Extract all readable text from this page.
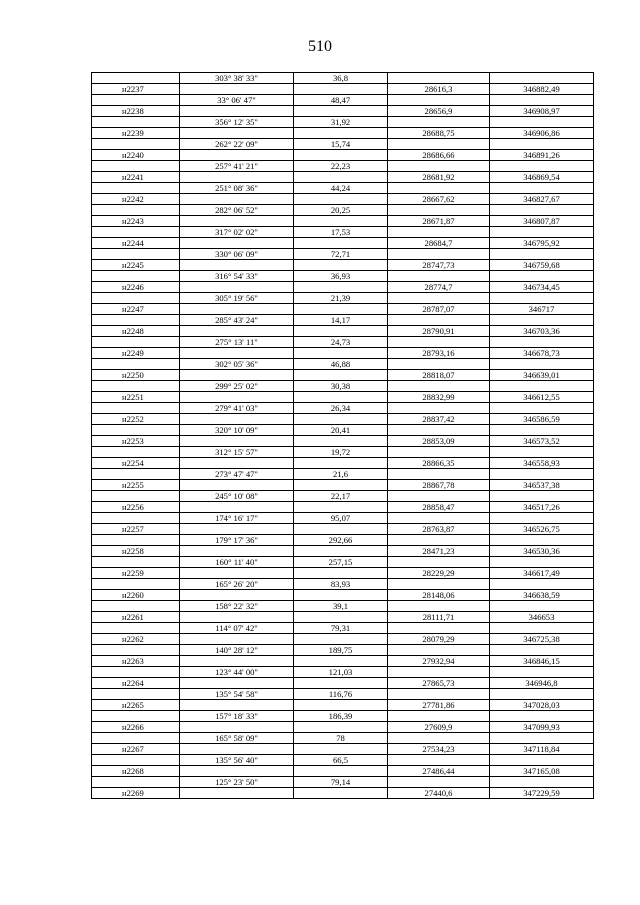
510
	303° 38' 33"	36,8		
н2237			28616,3	346882,49
	33° 06' 47"	48,47		
н2238			28656,9	346908,97
	356° 12' 35"	31,92		
н2239			28688,75	346906,86
	262° 22' 09"	15,74		
н2240			28686,66	346891,26
	257° 41' 21"	22,23		
н2241			28681,92	346869,54
	251° 08' 36"	44,24		
н2242			28667,62	346827,67
	282° 06' 52"	20,25		
н2243			28671,87	346807,87
	317° 02' 02"	17,53		
н2244			28684,7	346795,92
	330° 06' 09"	72,71		
н2245			28747,73	346759,68
	316° 54' 33"	36,93		
н2246			28774,7	346734,45
	305° 19' 56"	21,39		
н2247			28787,07	346717
	285° 43' 24"	14,17		
н2248			28790,91	346703,36
	275° 13' 11"	24,73		
н2249			28793,16	346678,73
	302° 05' 36"	46,88		
н2250			28818,07	346639,01
	299° 25' 02"	30,38		
н2251			28832,99	346612,55
	279° 41' 03"	26,34		
н2252			28837,42	346586,59
	320° 10' 09"	20,41		
н2253			28853,09	346573,52
	312° 15' 57"	19,72		
н2254			28866,35	346558,93
	273° 47' 47"	21,6		
н2255			28867,78	346537,38
	245° 10' 08"	22,17		
н2256			28858,47	346517,26
	174° 16' 17"	95,07		
н2257			28763,87	346526,75
	179° 17' 36"	292,66		
н2258			28471,23	346530,36
	160° 11' 40"	257,15		
н2259			28229,29	346617,49
	165° 26' 20"	83,93		
н2260			28148,06	346638,59
	158° 22' 32"	39,1		
н2261			28111,71	346653
	114° 07' 42"	79,31		
н2262			28079,29	346725,38
	140° 28' 12"	189,75		
н2263			27932,94	346846,15
	123° 44' 00"	121,03		
н2264			27865,73	346946,8
	135° 54' 58"	116,76		
н2265			27781,86	347028,03
	157° 18' 33"	186,39		
н2266			27609,9	347099,93
	165° 58' 09"	78		
н2267			27534,23	347118,84
	135° 56' 40"	66,5		
н2268			27486,44	347165,08
	125° 23' 50"	79,14		
н2269			27440,6	347229,59
